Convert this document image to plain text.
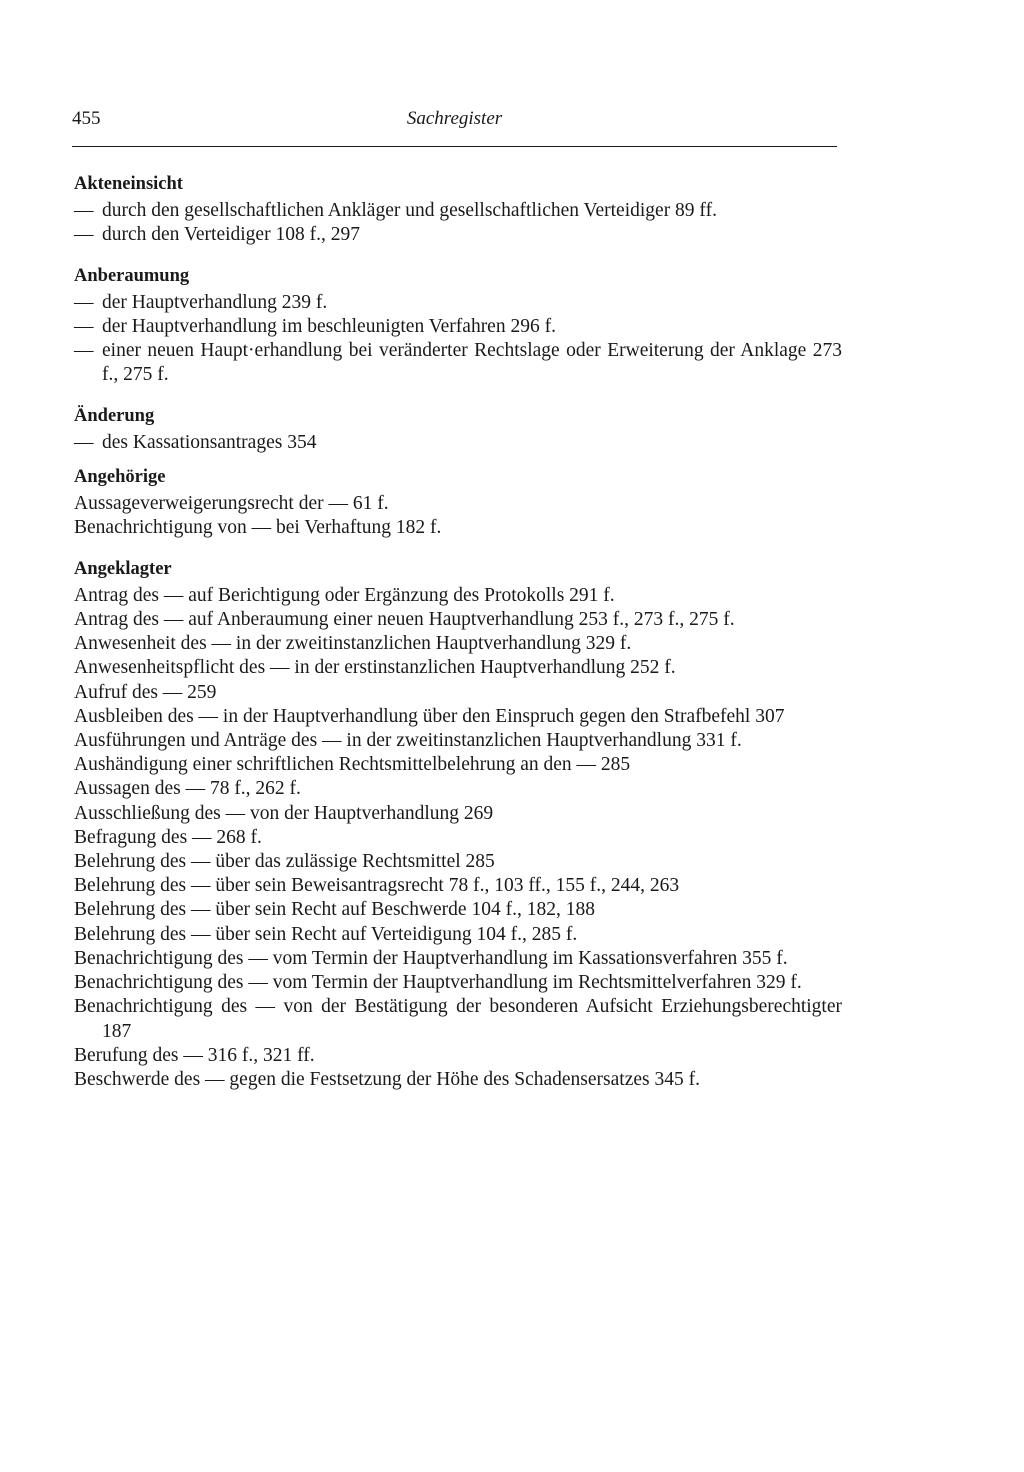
455	Sachregister
Akteneinsicht
— durch den gesellschaftlichen Ankläger und gesellschaftlichen Verteidiger 89 ff.
— durch den Verteidiger 108 f., 297
Anberaumung
— der Hauptverhandlung 239 f.
— der Hauptverhandlung im beschleunigten Verfahren 296 f.
— einer neuen Haupt·erhandlung bei veränderter Rechtslage oder Erweiterung der Anklage 273 f., 275 f.
Änderung
— des Kassationsantrages 354
Angehörige
Aussageverweigerungsrecht der — 61 f.
Benachrichtigung von — bei Verhaftung 182 f.
Angeklagter
Antrag des — auf Berichtigung oder Ergänzung des Protokolls 291 f.
Antrag des — auf Anberaumung einer neuen Hauptverhandlung 253 f., 273 f., 275 f.
Anwesenheit des — in der zweitinstanzlichen Hauptverhandlung 329 f.
Anwesenheitspflicht des — in der erstinstanzlichen Hauptverhandlung 252 f.
Aufruf des — 259
Ausbleiben des — in der Hauptverhandlung über den Einspruch gegen den Strafbefehl 307
Ausführungen und Anträge des — in der zweitinstanzlichen Hauptverhandlung 331 f.
Aushändigung einer schriftlichen Rechtsmittelbelehrung an den — 285
Aussagen des — 78 f., 262 f.
Ausschließung des — von der Hauptverhandlung 269
Befragung des — 268 f.
Belehrung des — über das zulässige Rechtsmittel 285
Belehrung des — über sein Beweisantragsrecht 78 f., 103 ff., 155 f., 244, 263
Belehrung des — über sein Recht auf Beschwerde 104 f., 182, 188
Belehrung des — über sein Recht auf Verteidigung 104 f., 285 f.
Benachrichtigung des — vom Termin der Hauptverhandlung im Kassationsverfahren 355 f.
Benachrichtigung des — vom Termin der Hauptverhandlung im Rechtsmittelverfahren 329 f.
Benachrichtigung des — von der Bestätigung der besonderen Aufsicht Erziehungsberechtigter 187
Berufung des — 316 f., 321 ff.
Beschwerde des — gegen die Festsetzung der Höhe des Schadensersatzes 345 f.
